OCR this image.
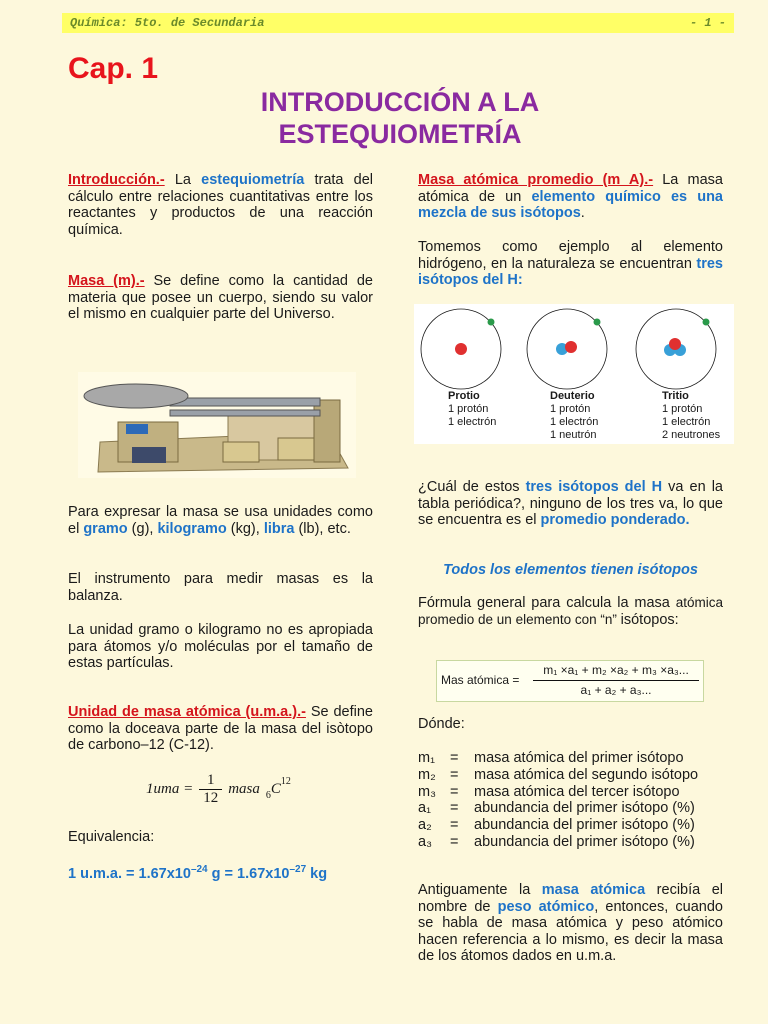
Química: 5to. de Secundaria	- 1 -
Cap. 1
INTRODUCCIÓN A LA
ESTEQUIOMETRÍA
Introducción.- La estequiometría trata del cálculo entre relaciones cuantitativas entre los reactantes y productos de una reacción química.
Masa (m).- Se define como la cantidad de materia que posee un cuerpo, siendo su valor el mismo en cualquier parte del Universo.
Para expresar la masa se usa unidades como el gramo (g), kilogramo (kg), libra (lb), etc.
El instrumento para medir masas es la balanza.
La unidad gramo o kilogramo no es apropiada para átomos y/o moléculas por el tamaño de estas partículas.
Unidad de masa atómica (u.m.a.).- Se define como la doceava parte de la masa del isòtopo de carbono–12 (C-12).
$1uma = \frac{1}{12}$ masa 6 C 12
Equivalencia:
1 u.m.a. = $1.67x10^{-24}$ $g = 1.67x10^{-27}$ kg
Masa atómica promedio (m A).- La masa atómica de un elemento químico es una mezcla de sus isótopos.
Tomemos como ejemplo al elemento hidrógeno, en la naturaleza se encuentran tres isótopos del H:
Protio
1 protón
1 electrón
Deuterio
1 protón
1 electrón
1 neutrón
Tritio
1 protón
1 electrón
2 neutrones
¿Cuál de estos tres isótopos del H va en la tabla periódica?, ninguno de los tres va, lo que se encuentra es el promedio ponderado.
Todos los elementos tienen isótopos
Fórmula general para calcula la masa atómica promedio de un elemento con “n” isótopos:
Mas atómica =
m₁ ×a₁ + m₂ ×a₂ + m₃ ×a₃...
a₁ + a₂ + a₃...
Dónde:
m₁	=	masa atómica del primer isótopo
m₂ =	masa atómica del segundo isótopo
m₃ =	masa atómica del tercer isótopo
a₁	=	abundancia del primer isótopo (%)
a₂	=	abundancia del primer isótopo (%)
a₃	=	abundancia del primer isótopo (%)
Antiguamente la masa atómica recibía el nombre de peso atómico, entonces, cuando se habla de masa atómica y peso atómico hacen referencia a lo mismo, es decir la masa de los átomos dados en u.m.a.
